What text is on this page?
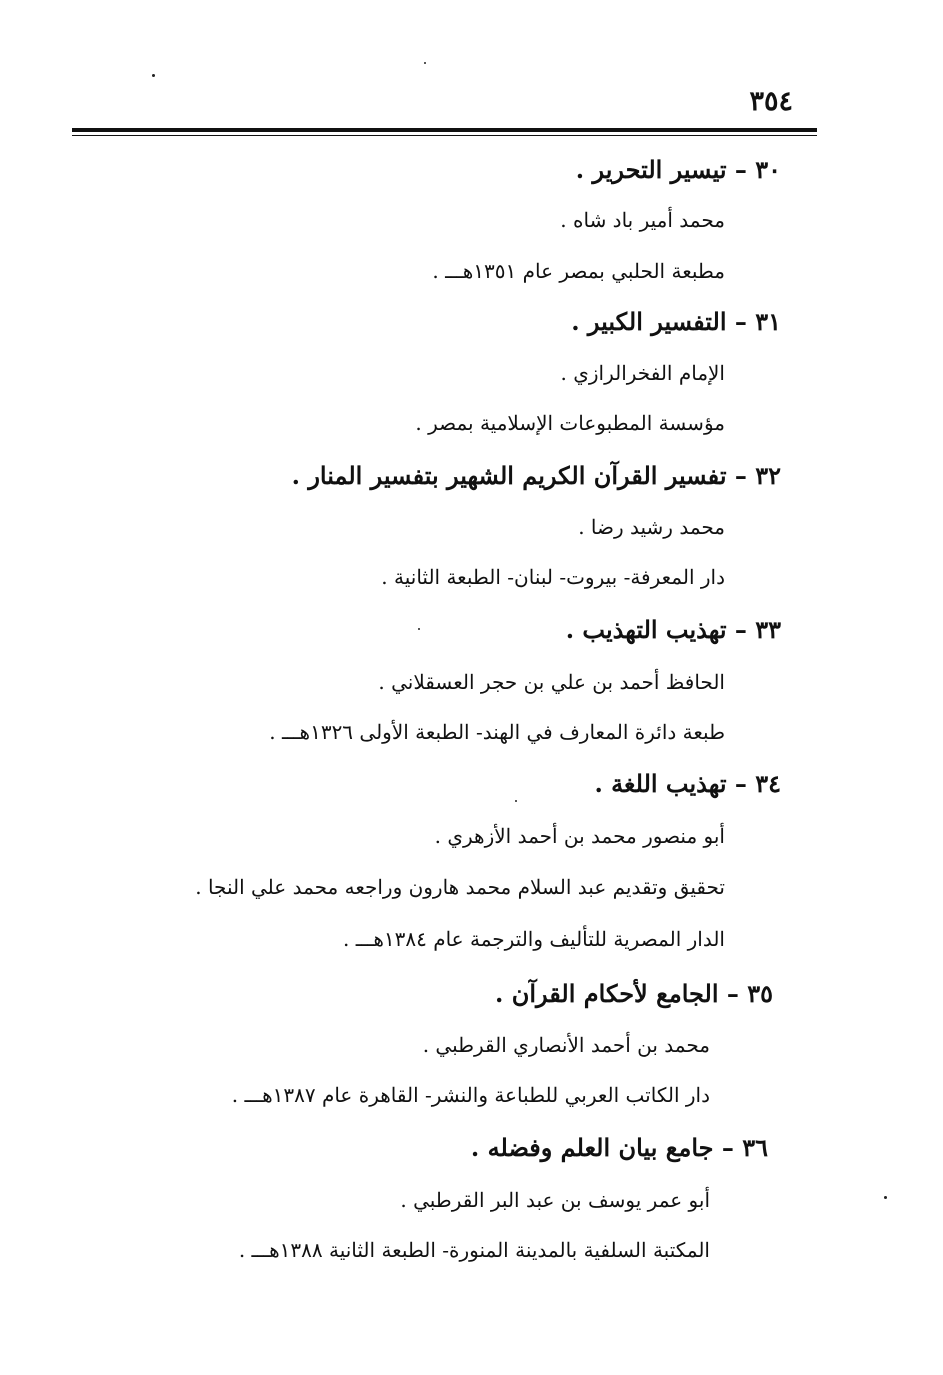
٣٥٤
٣٠ – تيسير التحرير .
محمد أمير باد شاه .
مطبعة الحلبي بمصر عام ١٣٥١هـــ .
٣١ – التفسير الكبير .
الإمام الفخرالرازي .
مؤسسة المطبوعات الإسلامية بمصر .
٣٢ – تفسير القرآن الكريم الشهير بتفسير المنار .
محمد رشيد رضا .
دار المعرفة- بيروت- لبنان- الطبعة الثانية .
٣٣ – تهذيب التهذيب .
الحافظ أحمد بن علي بن حجر العسقلاني .
طبعة دائرة المعارف في الهند- الطبعة الأولى ١٣٢٦هـــ .
٣٤ – تهذيب اللغة .
أبو منصور محمد بن أحمد الأزهري .
تحقيق وتقديم عبد السلام محمد هارون وراجعه محمد علي النجا .
الدار المصرية للتأليف والترجمة عام ١٣٨٤هـــ .
٣٥ – الجامع لأحكام القرآن .
محمد بن أحمد الأنصاري القرطبي .
دار الكاتب العربي للطباعة والنشر- القاهرة عام ١٣٨٧هـــ .
٣٦ – جامع بيان العلم وفضله .
أبو عمر يوسف بن عبد البر القرطبي .
المكتبة السلفية بالمدينة المنورة- الطبعة الثانية ١٣٨٨هـــ .
